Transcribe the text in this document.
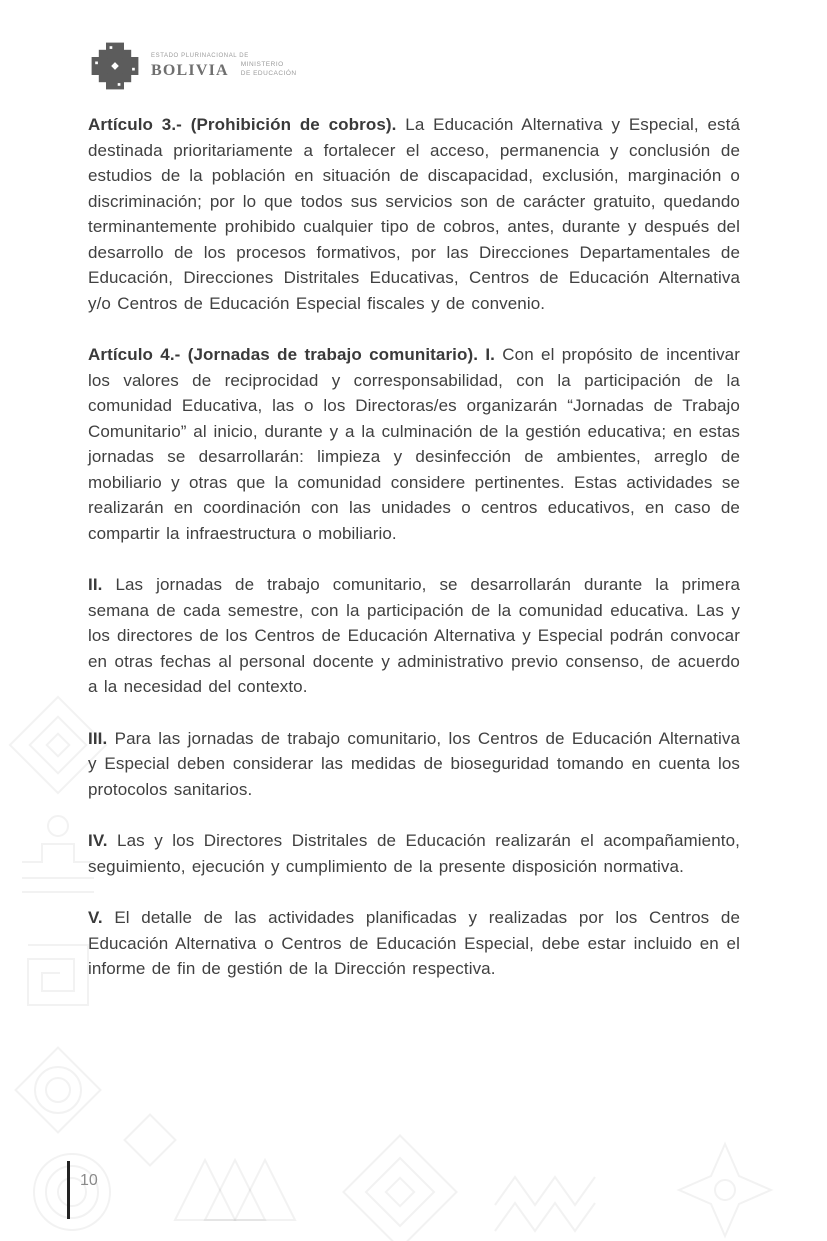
ESTADO PLURINACIONAL DE
BOLIVIA MINISTERIO
DE EDUCACIÓN

Artículo 3.- (Prohibición de cobros). La Educación Alternativa y Especial, está destinada prioritariamente a fortalecer el acceso, permanencia y conclusión de estudios de la población en situación de discapacidad, exclusión, marginación o discriminación; por lo que todos sus servicios son de carácter gratuito, quedando terminantemente prohibido cualquier tipo de cobros, antes, durante y después del desarrollo de los procesos formativos, por las Direcciones Departamentales de Educación, Direcciones Distritales Educativas, Centros de Educación Alternativa y/o Centros de Educación Especial fiscales y de convenio.

Artículo 4.- (Jornadas de trabajo comunitario). I. Con el propósito de incentivar los valores de reciprocidad y corresponsabilidad, con la participación de la comunidad Educativa, las o los Directoras/es organizarán “Jornadas de Trabajo Comunitario” al inicio, durante y a la culminación de la gestión educativa; en estas jornadas se desarrollarán: limpieza y desinfección de ambientes, arreglo de mobiliario y otras que la comunidad considere pertinentes. Estas actividades se realizarán en coordinación con las unidades o centros educativos, en caso de compartir la infraestructura o mobiliario.

II. Las jornadas de trabajo comunitario, se desarrollarán durante la primera semana de cada semestre, con la participación de la comunidad educativa. Las y los directores de los Centros de Educación Alternativa y Especial podrán convocar en otras fechas al personal docente y administrativo previo consenso, de acuerdo a la necesidad del contexto.

III. Para las jornadas de trabajo comunitario, los Centros de Educación Alternativa y Especial deben considerar las medidas de bioseguridad tomando en cuenta los protocolos sanitarios.

IV. Las y los Directores Distritales de Educación realizarán el acompañamiento, seguimiento, ejecución y cumplimiento de la presente disposición normativa.

V. El detalle de las actividades planificadas y realizadas por los Centros de Educación Alternativa o Centros de Educación Especial, debe estar incluido en el informe de fin de gestión de la Dirección respectiva.

10
